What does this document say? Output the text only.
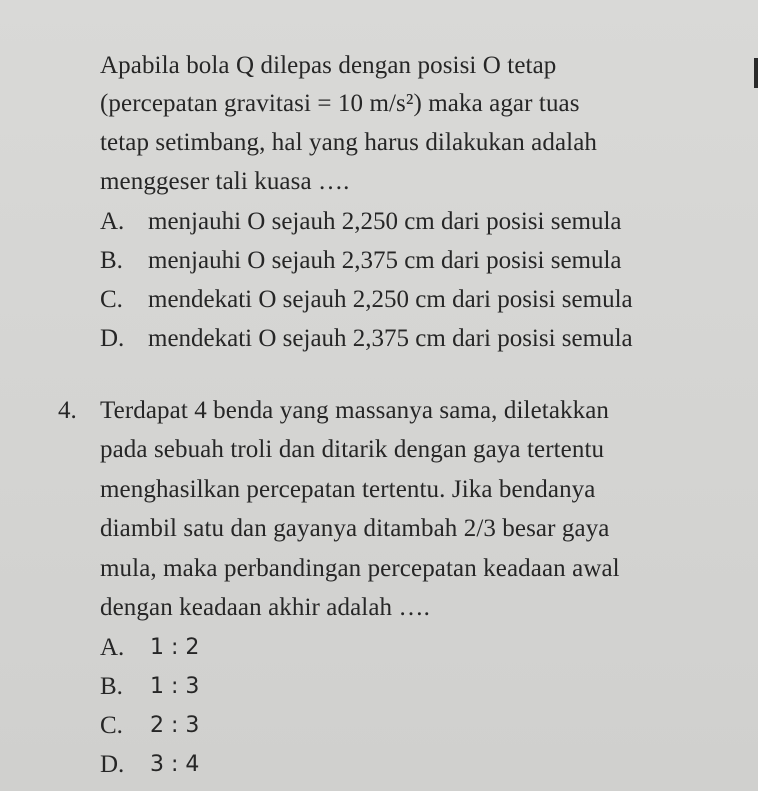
Apabila bola Q dilepas dengan posisi O tetap
(percepatan gravitasi = 10 m/s²) maka agar tuas
tetap setimbang, hal yang harus dilakukan adalah
menggeser tali kuasa ….
A. menjauhi O sejauh 2,250 cm dari posisi semula
B. menjauhi O sejauh 2,375 cm dari posisi semula
C. mendekati O sejauh 2,250 cm dari posisi semula
D. mendekati O sejauh 2,375 cm dari posisi semula
4. Terdapat 4 benda yang massanya sama, diletakkan
pada sebuah troli dan ditarik dengan gaya tertentu
menghasilkan percepatan tertentu. Jika bendanya
diambil satu dan gayanya ditambah 2/3 besar gaya
mula, maka perbandingan percepatan keadaan awal
dengan keadaan akhir adalah ….
A. 1 : 2
B. 1 : 3
C. 2 : 3
D. 3 : 4
